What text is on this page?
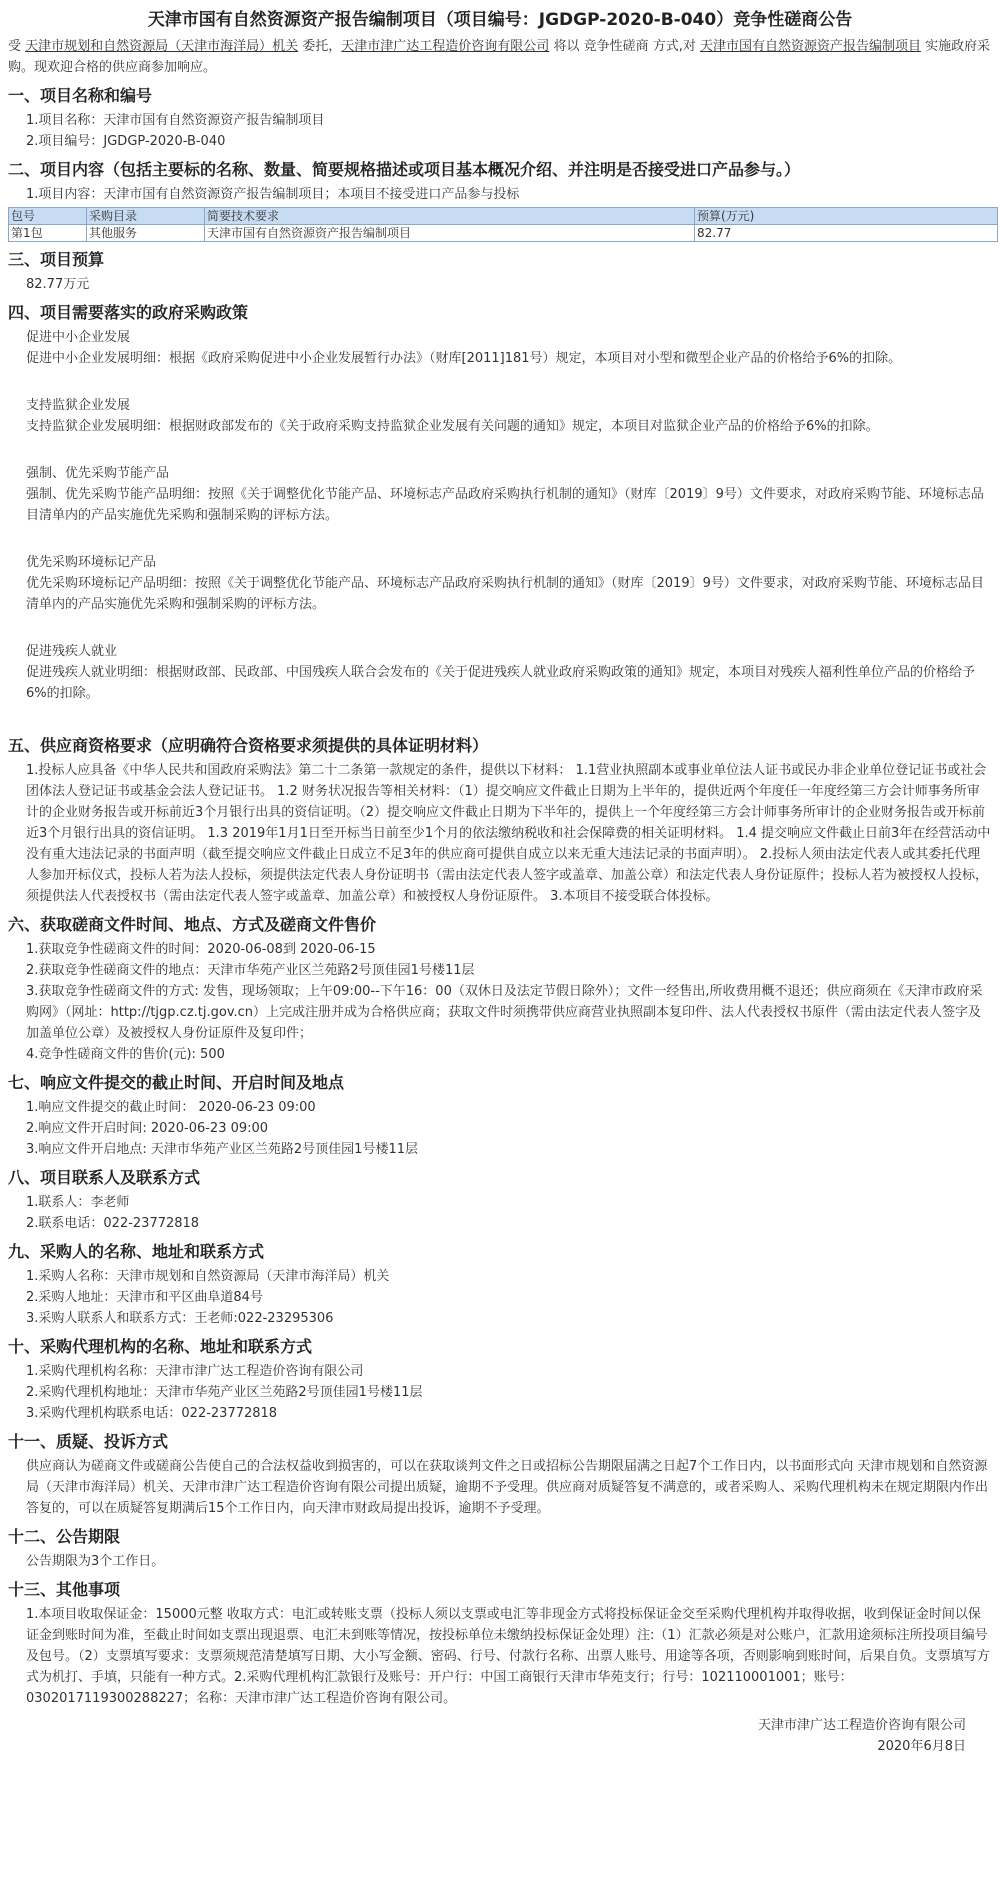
天津市国有自然资源资产报告编制项目（项目编号：JGDGP-2020-B-040）竞争性磋商公告
受 天津市规划和自然资源局（天津市海洋局）机关 委托，天津市津广达工程造价咨询有限公司 将以 竞争性磋商 方式,对 天津市国有自然资源资产报告编制项目 实施政府采购。现欢迎合格的供应商参加响应。
一、项目名称和编号
1.项目名称：天津市国有自然资源资产报告编制项目
2.项目编号：JGDGP-2020-B-040
二、项目内容（包括主要标的名称、数量、简要规格描述或项目基本概况介绍、并注明是否接受进口产品参与。）
1.项目内容：天津市国有自然资源资产报告编制项目；本项目不接受进口产品参与投标
包号	采购目录	简要技术要求	预算(万元)
第1包	其他服务	天津市国有自然资源资产报告编制项目	82.77
三、项目预算
82.77万元
四、项目需要落实的政府采购政策
促进中小企业发展
促进中小企业发展明细：根据《政府采购促进中小企业发展暂行办法》（财库[2011]181号）规定，本项目对小型和微型企业产品的价格给予6%的扣除。
支持监狱企业发展
支持监狱企业发展明细：根据财政部发布的《关于政府采购支持监狱企业发展有关问题的通知》规定，本项目对监狱企业产品的价格给予6%的扣除。
强制、优先采购节能产品
强制、优先采购节能产品明细：按照《关于调整优化节能产品、环境标志产品政府采购执行机制的通知》（财库〔2019〕9号）文件要求，对政府采购节能、环境标志品目清单内的产品实施优先采购和强制采购的评标方法。
优先采购环境标记产品
优先采购环境标记产品明细：按照《关于调整优化节能产品、环境标志产品政府采购执行机制的通知》（财库〔2019〕9号）文件要求，对政府采购节能、环境标志品目清单内的产品实施优先采购和强制采购的评标方法。
促进残疾人就业
促进残疾人就业明细：根据财政部、民政部、中国残疾人联合会发布的《关于促进残疾人就业政府采购政策的通知》规定，本项目对残疾人福利性单位产品的价格给予6%的扣除。
五、供应商资格要求（应明确符合资格要求须提供的具体证明材料）
1.投标人应具备《中华人民共和国政府采购法》第二十二条第一款规定的条件，提供以下材料： 1.1营业执照副本或事业单位法人证书或民办非企业单位登记证书或社会团体法人登记证书或基金会法人登记证书。 1.2 财务状况报告等相关材料：（1）提交响应文件截止日期为上半年的，提供近两个年度任一年度经第三方会计师事务所审计的企业财务报告或开标前近3个月银行出具的资信证明。（2）提交响应文件截止日期为下半年的，提供上一个年度经第三方会计师事务所审计的企业财务报告或开标前近3个月银行出具的资信证明。 1.3 2019年1月1日至开标当日前至少1个月的依法缴纳税收和社会保障费的相关证明材料。 1.4 提交响应文件截止日前3年在经营活动中没有重大违法记录的书面声明（截至提交响应文件截止日成立不足3年的供应商可提供自成立以来无重大违法记录的书面声明）。 2.投标人须由法定代表人或其委托代理人参加开标仪式，投标人若为法人投标，须提供法定代表人身份证明书（需由法定代表人签字或盖章、加盖公章）和法定代表人身份证原件；投标人若为被授权人投标，须提供法人代表授权书（需由法定代表人签字或盖章、加盖公章）和被授权人身份证原件。 3.本项目不接受联合体投标。
六、获取磋商文件时间、地点、方式及磋商文件售价
1.获取竞争性磋商文件的时间：2020-06-08到 2020-06-15
2.获取竞争性磋商文件的地点：天津市华苑产业区兰苑路2号顶佳园1号楼11层
3.获取竞争性磋商文件的方式: 发售，现场领取；上午09:00--下午16：00（双休日及法定节假日除外）；文件一经售出,所收费用概不退还；供应商须在《天津市政府采购网》（网址：http://tjgp.cz.tj.gov.cn）上完成注册并成为合格供应商；获取文件时须携带供应商营业执照副本复印件、法人代表授权书原件（需由法定代表人签字及加盖单位公章）及被授权人身份证原件及复印件；
4.竞争性磋商文件的售价(元): 500
七、响应文件提交的截止时间、开启时间及地点
1.响应文件提交的截止时间： 2020-06-23 09:00
2.响应文件开启时间: 2020-06-23 09:00
3.响应文件开启地点: 天津市华苑产业区兰苑路2号顶佳园1号楼11层
八、项目联系人及联系方式
1.联系人：李老师
2.联系电话：022-23772818
九、采购人的名称、地址和联系方式
1.采购人名称：天津市规划和自然资源局（天津市海洋局）机关
2.采购人地址：天津市和平区曲阜道84号
3.采购人联系人和联系方式：王老师:022-23295306
十、采购代理机构的名称、地址和联系方式
1.采购代理机构名称：天津市津广达工程造价咨询有限公司
2.采购代理机构地址：天津市华苑产业区兰苑路2号顶佳园1号楼11层
3.采购代理机构联系电话：022-23772818
十一、质疑、投诉方式
供应商认为磋商文件或磋商公告使自己的合法权益收到损害的，可以在获取谈判文件之日或招标公告期限届满之日起7个工作日内，以书面形式向 天津市规划和自然资源局（天津市海洋局）机关、天津市津广达工程造价咨询有限公司提出质疑，逾期不予受理。供应商对质疑答复不满意的，或者采购人、采购代理机构未在规定期限内作出答复的，可以在质疑答复期满后15个工作日内，向天津市财政局提出投诉，逾期不予受理。
十二、公告期限
公告期限为3个工作日。
十三、其他事项
1.本项目收取保证金：15000元整 收取方式：电汇或转账支票（投标人须以支票或电汇等非现金方式将投标保证金交至采购代理机构并取得收据，收到保证金时间以保证金到账时间为准，至截止时间如支票出现退票、电汇未到账等情况，按投标单位未缴纳投标保证金处理）注:（1）汇款必须是对公账户，汇款用途须标注所投项目编号及包号。（2）支票填写要求：支票须规范清楚填写日期、大小写金额、密码、行号、付款行名称、出票人账号、用途等各项，否则影响到账时间，后果自负。支票填写方式为机打、手填，只能有一种方式。2.采购代理机构汇款银行及账号：开户行：中国工商银行天津市华苑支行；行号：102110001001；账号：0302017119300288227；名称：天津市津广达工程造价咨询有限公司。
天津市津广达工程造价咨询有限公司
2020年6月8日
